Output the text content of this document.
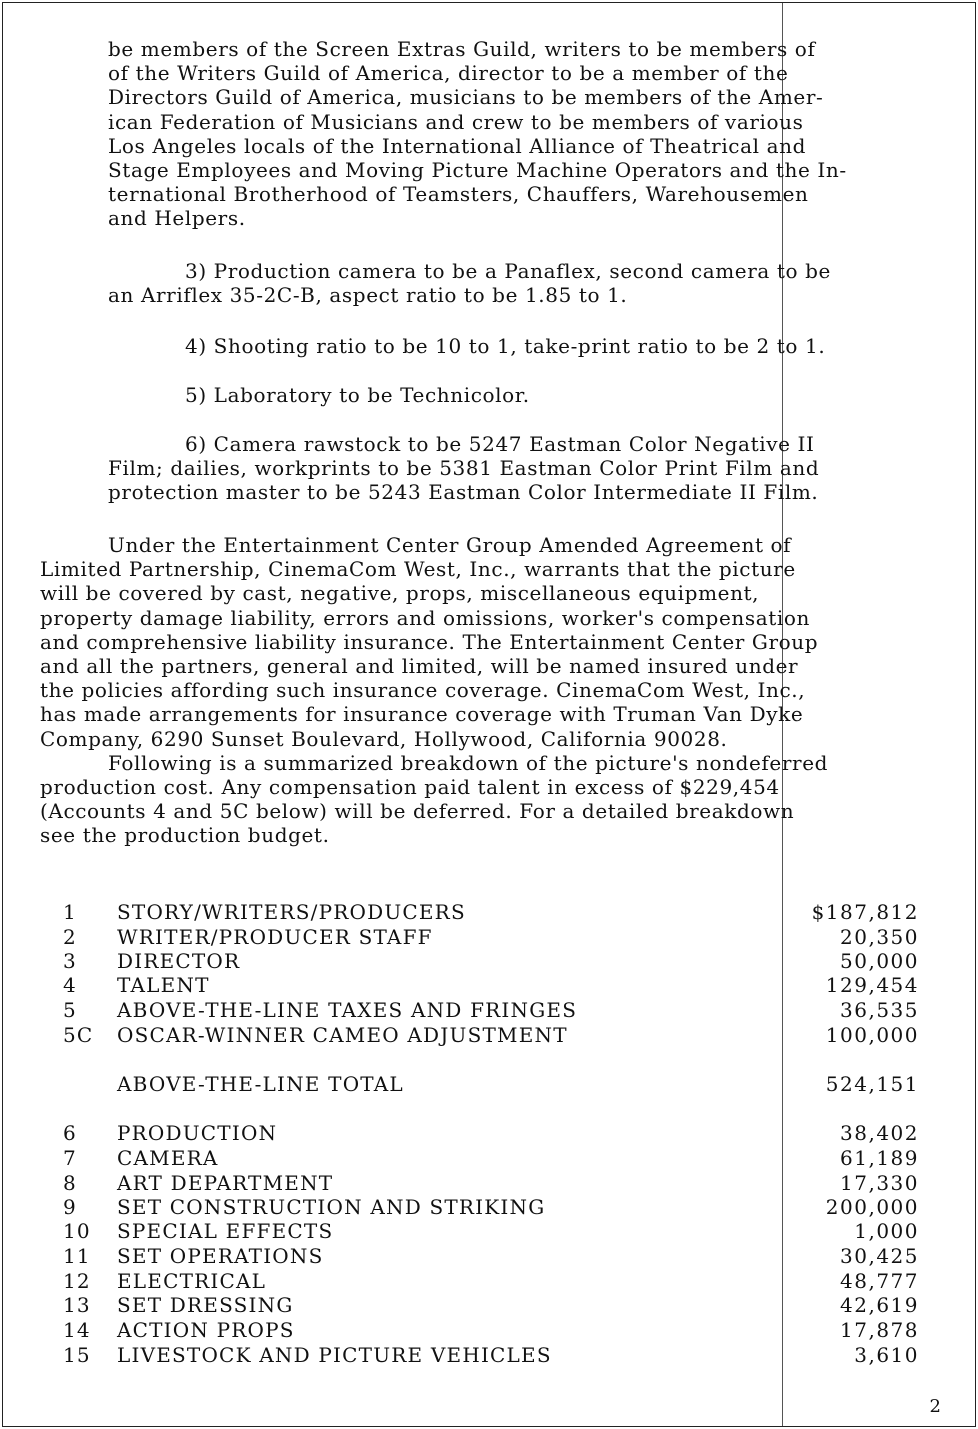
be members of the Screen Extras Guild, writers to be members of
of the Writers Guild of America, director to be a member of the
Directors Guild of America, musicians to be members of the Amer-
ican Federation of Musicians and crew to be members of various
Los Angeles locals of the International Alliance of Theatrical and
Stage Employees and Moving Picture Machine Operators and the In-
ternational Brotherhood of Teamsters, Chauffers, Warehousemen
and Helpers.
3) Production camera to be a Panaflex, second camera to be
an Arriflex 35-2C-B, aspect ratio to be 1.85 to 1.
4) Shooting ratio to be 10 to 1, take-print ratio to be 2 to 1.
5) Laboratory to be Technicolor.
6) Camera rawstock to be 5247 Eastman Color Negative II
Film; dailies, workprints to be 5381 Eastman Color Print Film and
protection master to be 5243 Eastman Color Intermediate II Film.
Under the Entertainment Center Group Amended Agreement of
Limited Partnership, CinemaCom West, Inc., warrants that the picture
will be covered by cast, negative, props, miscellaneous equipment,
property damage liability, errors and omissions, worker's compensation
and comprehensive liability insurance. The Entertainment Center Group
and all the partners, general and limited, will be named insured under
the policies affording such insurance coverage. CinemaCom West, Inc.,
has made arrangements for insurance coverage with Truman Van Dyke
Company, 6290 Sunset Boulevard, Hollywood, California 90028.
Following is a summarized breakdown of the picture's nondeferred
production cost. Any compensation paid talent in excess of $229,454
(Accounts 4 and 5C below) will be deferred. For a detailed breakdown
see the production budget.
1	STORY/WRITERS/PRODUCERS	$187,812
2	WRITER/PRODUCER STAFF	20,350
3	DIRECTOR	50,000
4	TALENT	129,454
5	ABOVE-THE-LINE TAXES AND FRINGES	36,535
5C	OSCAR-WINNER CAMEO ADJUSTMENT	100,000
ABOVE-THE-LINE TOTAL	524,151
6	PRODUCTION	38,402
7	CAMERA	61,189
8	ART DEPARTMENT	17,330
9	SET CONSTRUCTION AND STRIKING	200,000
10	SPECIAL EFFECTS	1,000
11	SET OPERATIONS	30,425
12	ELECTRICAL	48,777
13	SET DRESSING	42,619
14	ACTION PROPS	17,878
15	LIVESTOCK AND PICTURE VEHICLES	3,610
2
